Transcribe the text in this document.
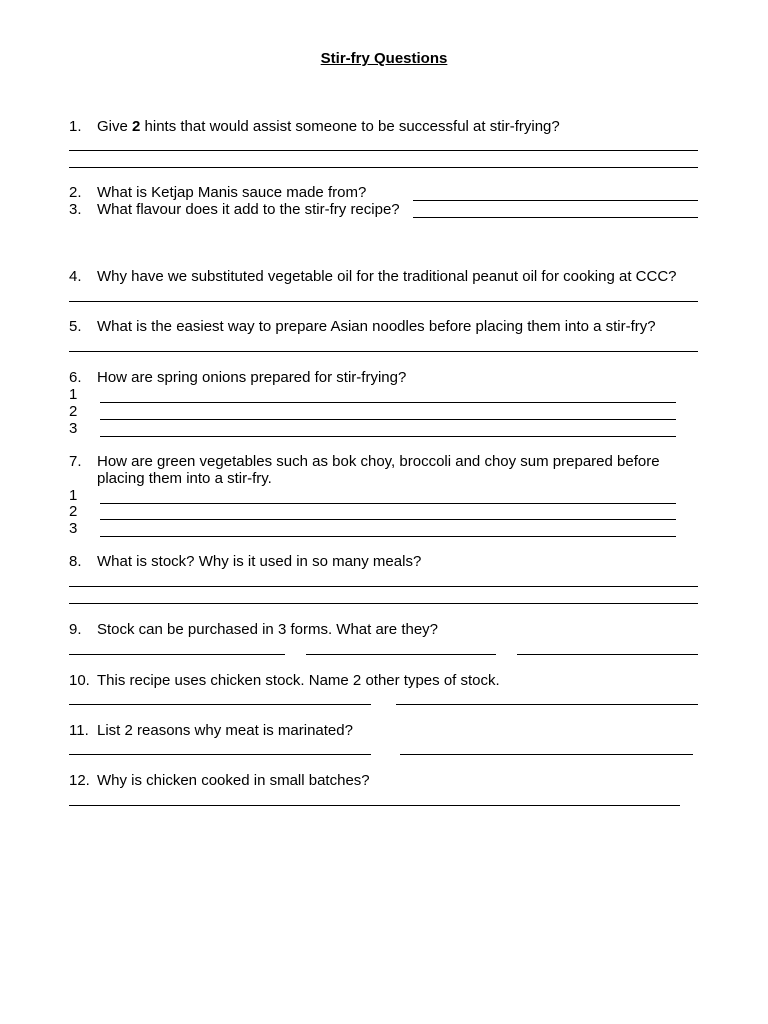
Stir-fry Questions
1. Give 2 hints that would assist someone to be successful at stir-frying?
2. What is Ketjap Manis sauce made from?
3. What flavour does it add to the stir-fry recipe?
4. Why have we substituted vegetable oil for the traditional peanut oil for cooking at CCC?
5. What is the easiest way to prepare Asian noodles before placing them into a stir-fry?
6. How are spring onions prepared for stir-frying?
1
2
3
7. How are green vegetables such as bok choy, broccoli and choy sum prepared before
placing them into a stir-fry.
1
2
3
8. What is stock? Why is it used in so many meals?
9. Stock can be purchased in 3 forms. What are they?
10. This recipe uses chicken stock. Name 2 other types of stock.
11. List 2 reasons why meat is marinated?
12. Why is chicken cooked in small batches?
